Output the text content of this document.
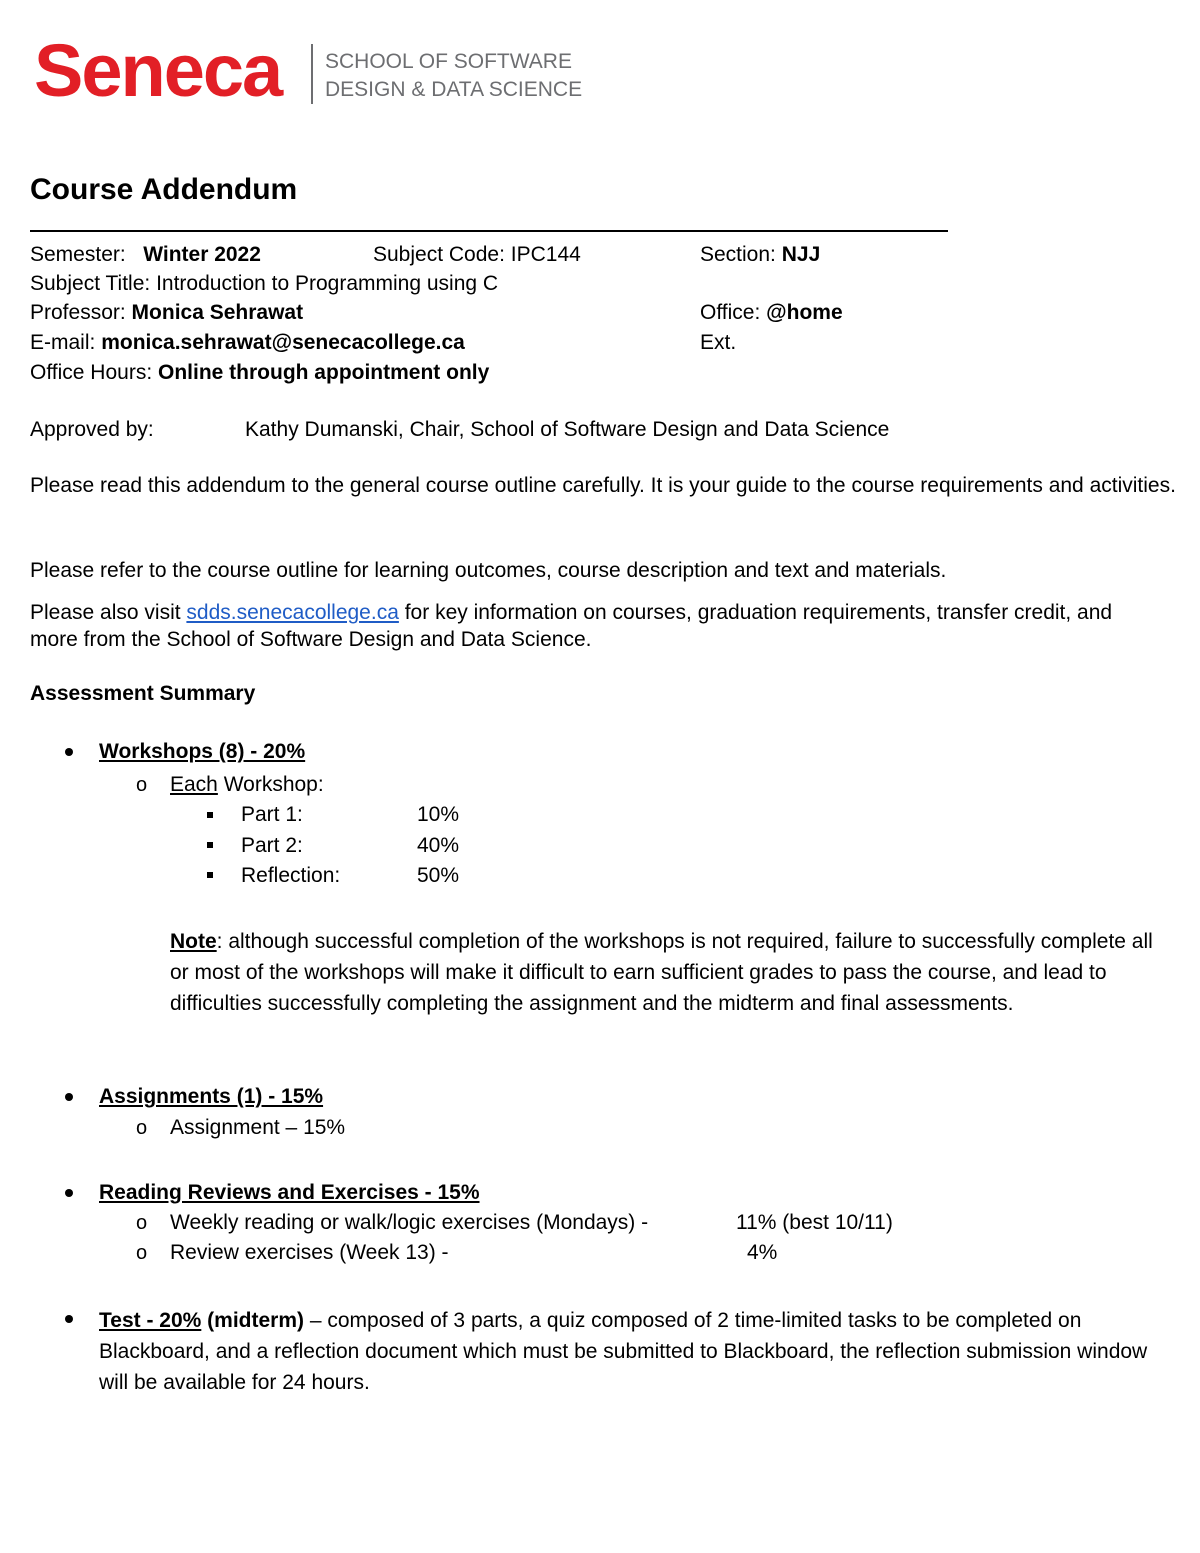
Seneca SCHOOL OF SOFTWARE
DESIGN & DATA SCIENCE
Course Addendum
Semester: Winter 2022	Subject Code: IPC144	Section: NJJ
Subject Title: Introduction to Programming using C
Professor: Monica Sehrawat	Office: @home
E-mail: monica.sehrawat@senecacollege.ca	Ext.
Office Hours: Online through appointment only
Approved by:	Kathy Dumanski, Chair, School of Software Design and Data Science
Please read this addendum to the general course outline carefully. It is your guide to the course requirements and activities.
Please refer to the course outline for learning outcomes, course description and text and materials.
Please also visit sdds.senecacollege.ca for key information on courses, graduation requirements, transfer credit, and more from the School of Software Design and Data Science.
Assessment Summary
Workshops (8) - 20%
o Each Workshop:
Part 1:	10%
Part 2:	40%
Reflection:	50%
Note: although successful completion of the workshops is not required, failure to successfully complete all or most of the workshops will make it difficult to earn sufficient grades to pass the course, and lead to difficulties successfully completing the assignment and the midterm and final assessments.
Assignments (1) - 15%
o Assignment – 15%
Reading Reviews and Exercises - 15%
o Weekly reading or walk/logic exercises (Mondays) -	11% (best 10/11)
o Review exercises (Week 13) -	4%
Test - 20% (midterm) – composed of 3 parts, a quiz composed of 2 time-limited tasks to be completed on Blackboard, and a reflection document which must be submitted to Blackboard, the reflection submission window will be available for 24 hours.
